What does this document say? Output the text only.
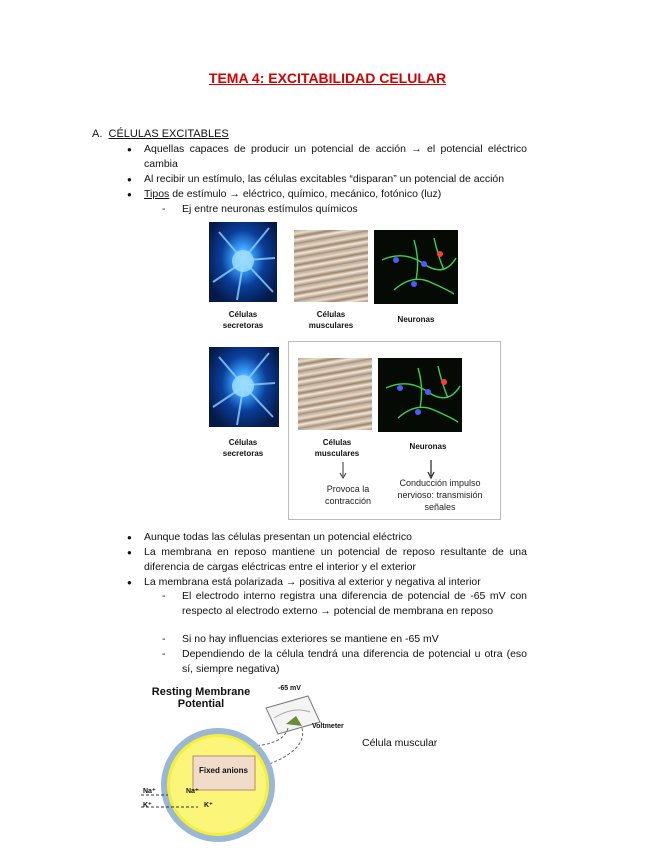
TEMA 4: EXCITABILIDAD CELULAR
A. CÉLULAS EXCITABLES
● Aquellas capaces de producir un potencial de acción → el potencial eléctrico cambia
● Al recibir un estímulo, las células excitables “disparan” un potencial de acción
● Tipos de estímulo → eléctrico, químico, mecánico, fotónico (luz)
- Ej entre neuronas estímulos químicos
Células secretoras
Células musculares
Neuronas
Células secretoras
Células musculares
Neuronas
Provoca la contracción
Conducción impulso nervioso: transmisión señales
● Aunque todas las células presentan un potencial eléctrico
● La membrana en reposo mantiene un potencial de reposo resultante de una diferencia de cargas eléctricas entre el interior y el exterior
● La membrana está polarizada → positiva al exterior y negativa al interior
- El electrodo interno registra una diferencia de potencial de -65 mV con respecto al electrodo externo → potencial de membrana en reposo
- Si no hay influencias exteriores se mantiene en -65 mV
- Dependiendo de la célula tendrá una diferencia de potencial u otra (eso sí, siempre negativa)
Resting Membrane
Potential
-65 mV
Voltmeter
Fixed anions
Na⁺	Na⁺
K⁺	K⁺
Célula muscular
